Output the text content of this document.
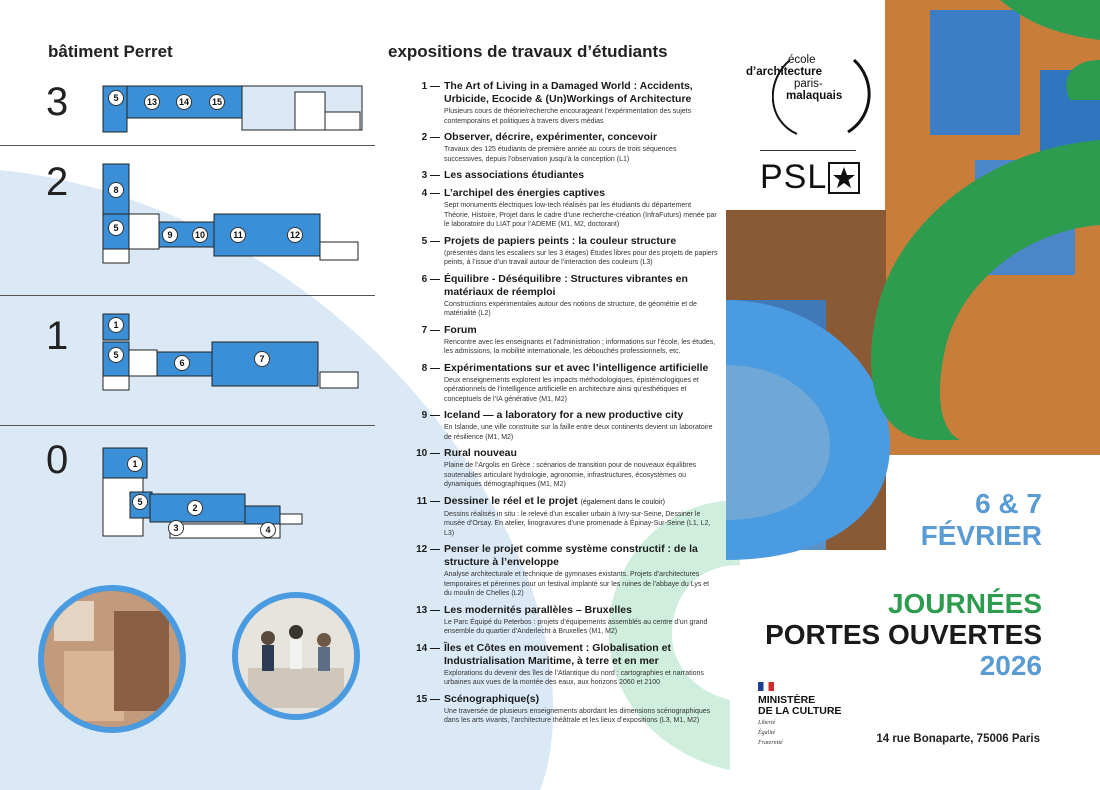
bâtiment Perret
3	5	13	14	15
2	8
5
9	10	11	12
1	1
5
6	7
0	1
5
2
3	4
expositions de travaux d’étudiants
1 —	The Art of Living in a Damaged World : Accidents, Urbicide, Ecocide & (Un)Workings of Architecture
Plusieurs cours de théorie/recherche encourageant l’expérimentation des sujets contemporains et politiques à travers divers médias
2 —	Observer, décrire, expérimenter, concevoir
Travaux des 125 étudiants de première année au cours de trois séquences successives, depuis l’observation jusqu’à la conception (L1)
3 —	Les associations étudiantes
4 —	L’archipel des énergies captives
Sept monuments électriques low-tech réalisés par les étudiants du département Théorie, Histoire, Projet dans le cadre d’une recherche-création (InfraFuturs) menée par le laboratoire du LIAT pour l’ADEME (M1, M2, doctorant)
5 —	Projets de papiers peints : la couleur structure
(présentés dans les escaliers sur les 3 étages) Études libres pour des projets de papiers peints, à l’issue d’un travail autour de l’interaction des couleurs (L3)
6 —	Équilibre - Déséquilibre : Structures vibrantes en matériaux de réemploi
Constructions expérimentales autour des notions de structure, de géométrie et de matérialité (L2)
7 —	Forum
Rencontre avec les enseignants et l’administration ; informations sur l’école, les études, les admissions, la mobilité internationale, les débouchés professionnels, etc.
8 —	Expérimentations sur et avec l’intelligence artificielle
Deux enseignements explorent les impacts méthodologiques, épistémologiques et opérationnels de l’intelligence artificielle en architecture ainsi qu’esthétiques et conceptuels de l’IA générative (M1, M2)
9 —	Iceland — a laboratory for a new productive city
En Islande, une ville construite sur la faille entre deux continents devient un laboratoire de résilience (M1, M2)
10 —	Rural nouveau
Plaine de l’Argolis en Grèce : scénarios de transition pour de nouveaux équilibres soutenables articulant hydrologie, agronomie, infrastructures, écosystèmes ou dynamiques démographiques (M1, M2)
11 —	Dessiner le réel et le projet (également dans le couloir)
Dessins réalisés in situ : le relevé d’un escalier urbain à Ivry-sur-Seine, Dessiner le musée d’Orsay. En atelier, linogravures d’une promenade à Épinay-Sur-Seine (L1, L2, L3)
12 —	Penser le projet comme système constructif : de la structure à l’enveloppe
Analyse architecturale et technique de gymnases existants. Projets d’architectures temporaires et pérennes pour un festival implanté sur les ruines de l’abbaye du Lys et du moulin de Chelles (L2)
13 —	Les modernités parallèles – Bruxelles
Le Parc Équipé du Peterbos : projets d’équipements assemblés au centre d’un grand ensemble du quartier d’Anderlecht à Bruxelles (M1, M2)
14 —	Îles et Côtes en mouvement : Globalisation et Industrialisation Maritime, à terre et en mer
Explorations du devenir des îles de l’Atlantique du nord : cartographies et narrations urbaines aux vues de la montée des eaux, aux horizons 2060 et 2100
15 —	Scénographique(s)
Une traversée de plusieurs enseignements abordant les dimensions scénographiques dans les arts vivants, l’architecture théâtrale et les lieux d’expositions (L3, M1, M2)
école
d’architecture
paris-
malaquais
PSL
6 & 7
FÉVRIER
JOURNÉES
PORTES OUVERTES
2026
MINISTÈRE
DE LA CULTURE
Liberté
Égalité
Fraternité	14 rue Bonaparte, 75006 Paris
